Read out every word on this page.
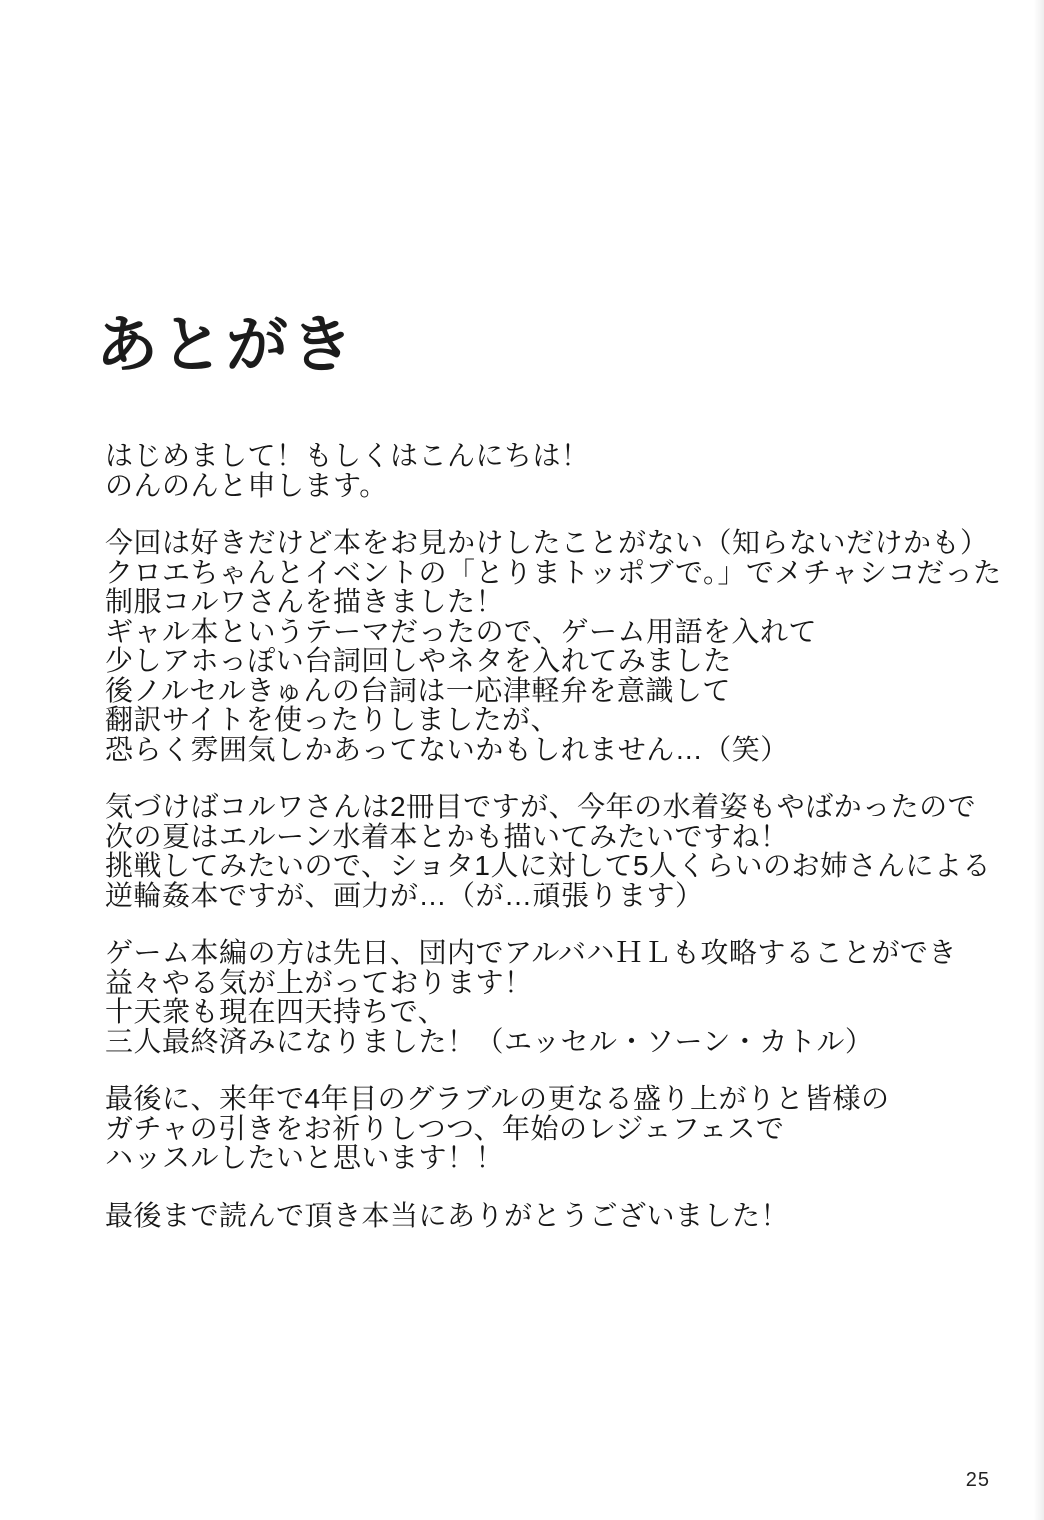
あとがき
はじめまして！もしくはこんにちは！
のんのんと申します。
今回は好きだけど本をお見かけしたことがない（知らないだけかも）
クロエちゃんとイベントの「とりまトッポブで。」でメチャシコだった
制服コルワさんを描きました！
ギャル本というテーマだったので、ゲーム用語を入れて
少しアホっぽい台詞回しやネタを入れてみました
後ノルセルきゅんの台詞は一応津軽弁を意識して
翻訳サイトを使ったりしましたが、
恐らく雰囲気しかあってないかもしれません…（笑）
気づけばコルワさんは2冊目ですが、今年の水着姿もやばかったので
次の夏はエルーン水着本とかも描いてみたいですね！
挑戦してみたいので、ショタ1人に対して5人くらいのお姉さんによる
逆輪姦本ですが、画力が…（が…頑張ります）
ゲーム本編の方は先日、団内でアルバハＨＬも攻略することができ
益々やる気が上がっております！
十天衆も現在四天持ちで、
三人最終済みになりました！（エッセル・ソーン・カトル）
最後に、来年で4年目のグラブルの更なる盛り上がりと皆様の
ガチャの引きをお祈りしつつ、年始のレジェフェスで
ハッスルしたいと思います！！
最後まで読んで頂き本当にありがとうございました！
25
